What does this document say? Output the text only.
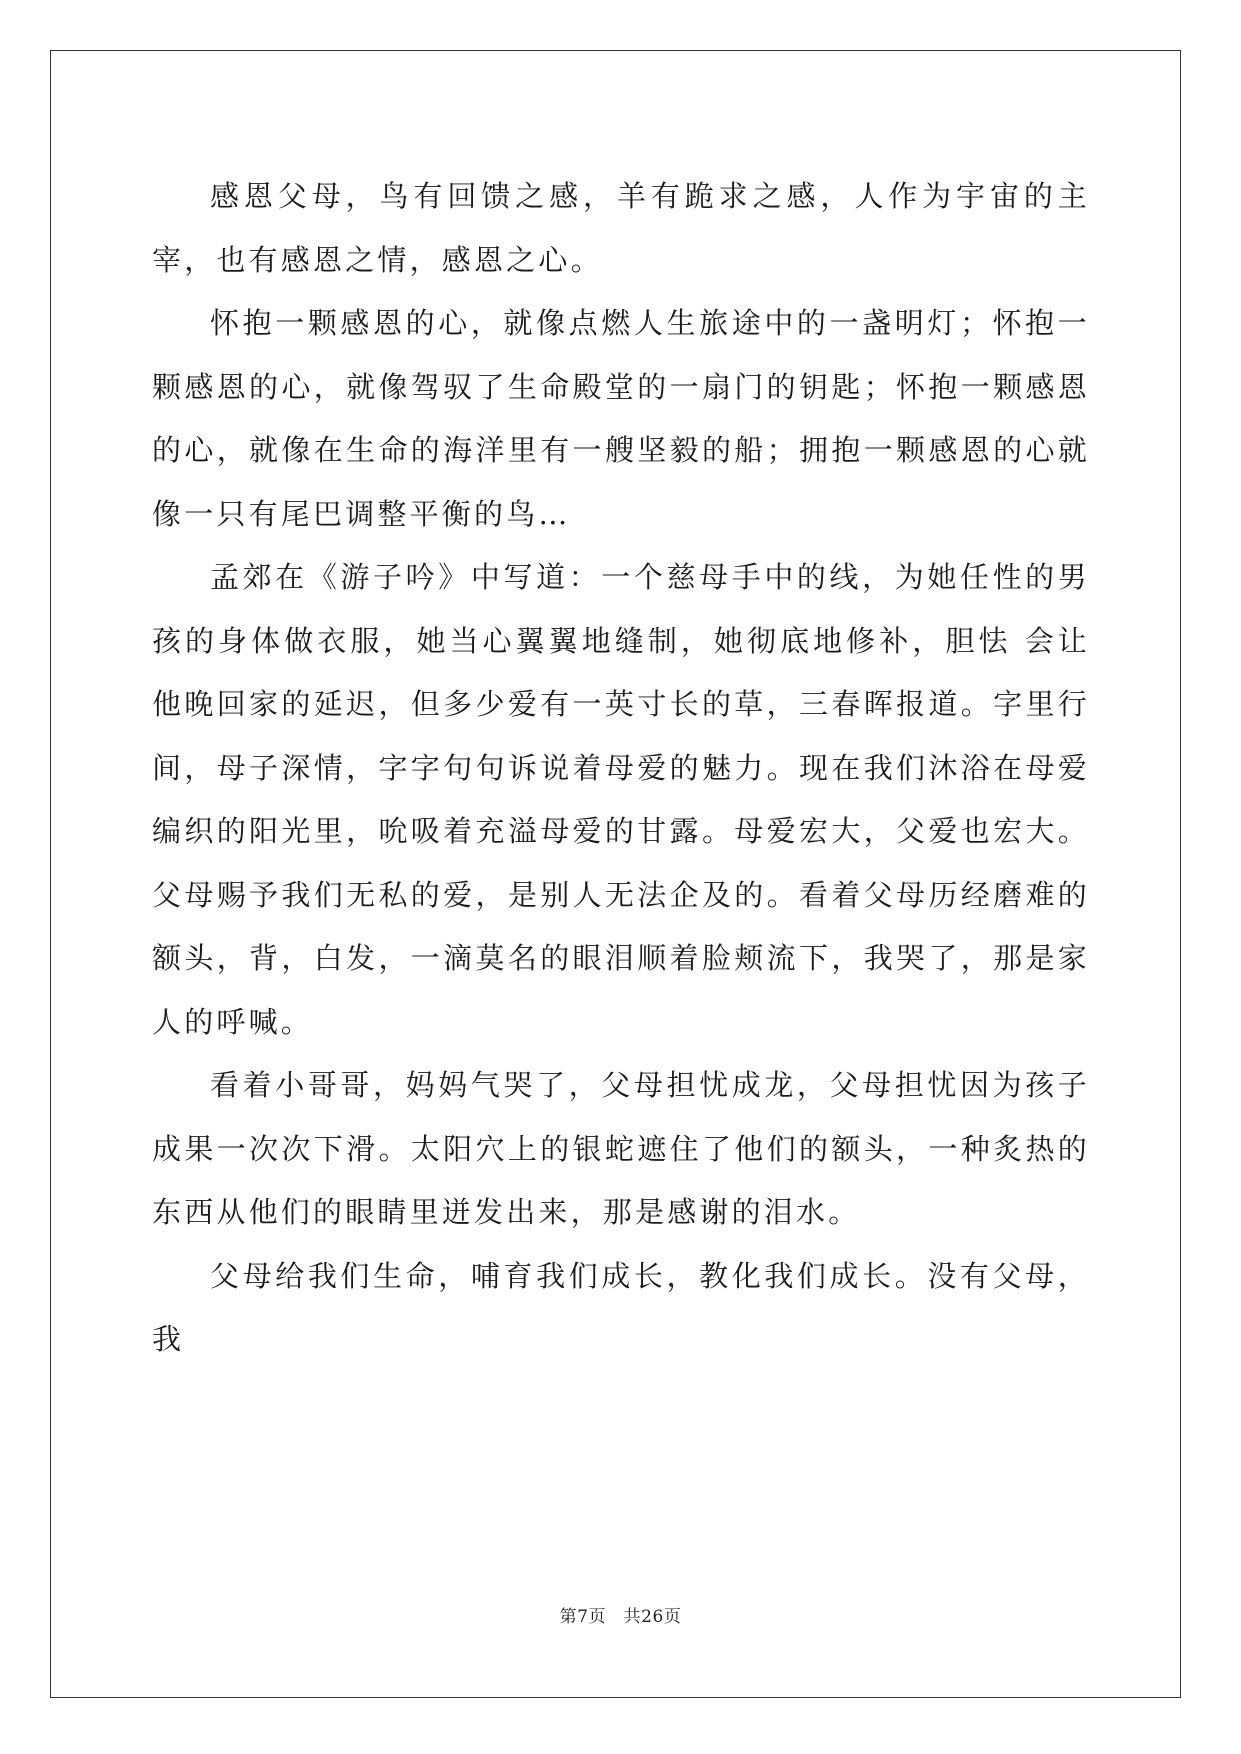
感恩父母，鸟有回馈之感，羊有跪求之感，人作为宇宙的主宰，也有感恩之情，感恩之心。

怀抱一颗感恩的心，就像点燃人生旅途中的一盏明灯；怀抱一颗感恩的心，就像驾驭了生命殿堂的一扇门的钥匙；怀抱一颗感恩的心，就像在生命的海洋里有一艘坚毅的船；拥抱一颗感恩的心就像一只有尾巴调整平衡的鸟…

孟郊在《游子吟》中写道：一个慈母手中的线，为她任性的男孩的身体做衣服，她当心翼翼地缝制，她彻底地修补，胆怯 会让他晚回家的延迟，但多少爱有一英寸长的草，三春晖报道。字里行间，母子深情，字字句句诉说着母爱的魅力。现在我们沐浴在母爱编织的阳光里，吮吸着充溢母爱的甘露。母爱宏大，父爱也宏大。父母赐予我们无私的爱，是别人无法企及的。看着父母历经磨难的额头，背，白发，一滴莫名的眼泪顺着脸颊流下，我哭了，那是家人的呼喊。

看着小哥哥，妈妈气哭了，父母担忧成龙，父母担忧因为孩子成果一次次下滑。太阳穴上的银蛇遮住了他们的额头，一种炙热的东西从他们的眼睛里迸发出来，那是感谢的泪水。

父母给我们生命，哺育我们成长，教化我们成长。没有父母，我

第7页   共26页
